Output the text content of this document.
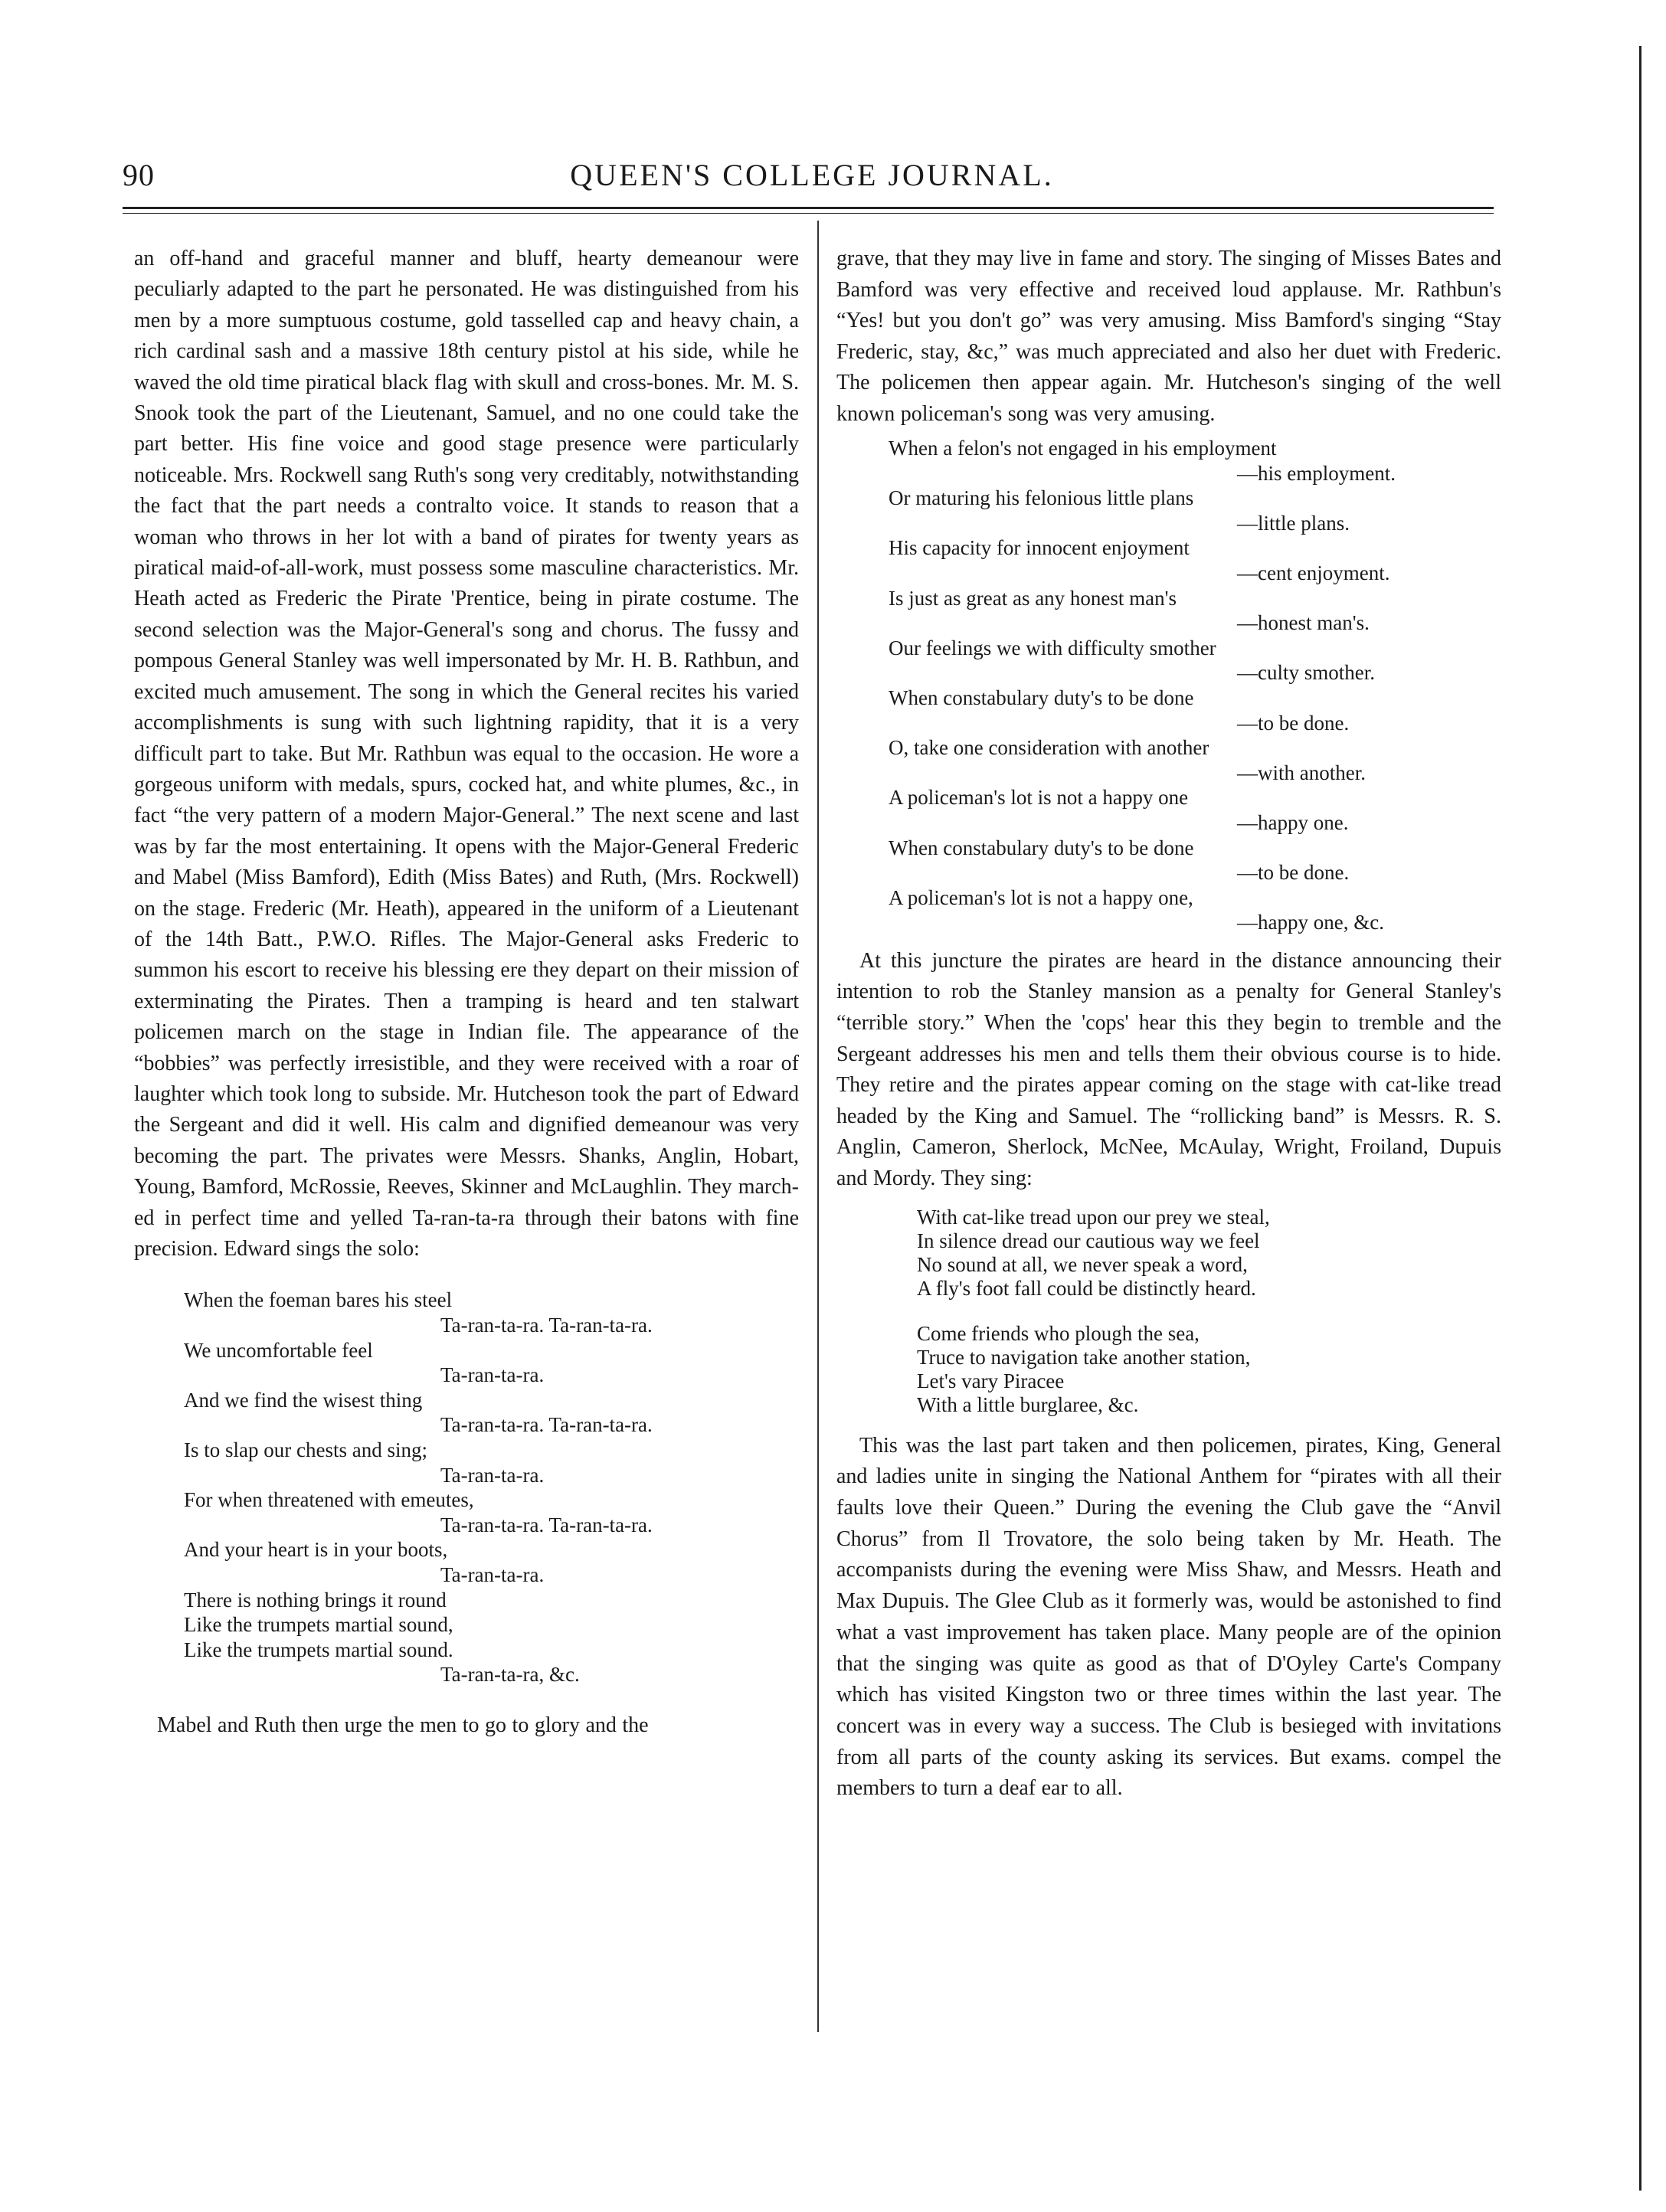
90	QUEEN'S COLLEGE JOURNAL.

an off-hand and graceful manner and bluff, hearty demeanour were peculiarly adapted to the part he personated. He was distinguished from his men by a more sumptuous costume, gold tasselled cap and heavy chain, a rich cardinal sash and a massive 18th century pistol at his side, while he waved the old time piratical black flag with skull and cross-bones. Mr. M. S. Snook took the part of the Lieutenant, Samuel, and no one could take the part better. His fine voice and good stage presence were particularly noticeable. Mrs. Rockwell sang Ruth's song very creditably, notwithstanding the fact that the part needs a contralto voice. It stands to reason that a woman who throws in her lot with a band of pirates for twenty years as piratical maid-of-all-work, must possess some masculine characteristics. Mr. Heath acted as Frederic the Pirate 'Prentice, being in pirate costume. The second selection was the Major-General's song and chorus. The fussy and pompous General Stanley was well impersonated by Mr. H. B. Rathbun, and excited much amusement. The song in which the General recites his varied accomplishments is sung with such lightning rapidity, that it is a very difficult part to take. But Mr. Rathbun was equal to the occasion. He wore a gorgeous uniform with medals, spurs, cocked hat, and white plumes, &c., in fact “the very pattern of a modern Major-General.” The next scene and last was by far the most entertaining. It opens with the Major-General Frederic and Mabel (Miss Bamford), Edith (Miss Bates) and Ruth, (Mrs. Rockwell) on the stage. Frederic (Mr. Heath), appeared in the uniform of a Lieutenant of the 14th Batt., P.W.O. Rifles. The Major-General asks Frederic to summon his escort to receive his blessing ere they depart on their mission of exterminating the Pirates. Then a tramping is heard and ten stalwart policemen march on the stage in Indian file. The appearance of the “bobbies” was perfectly irresistible, and they were received with a roar of laughter which took long to subside. Mr. Hutcheson took the part of Edward the Sergeant and did it well. His calm and dignified demeanour was very becoming the part. The privates were Messrs. Shanks, Anglin, Hobart, Young, Bamford, McRossie, Reeves, Skinner and McLaughlin. They marched in perfect time and yelled Ta-ran-ta-ra through their batons with fine precision. Edward sings the solo:

When the foeman bares his steel
Ta-ran-ta-ra. Ta-ran-ta-ra.
We uncomfortable feel
Ta-ran-ta-ra.
And we find the wisest thing
Ta-ran-ta-ra. Ta-ran-ta-ra.
Is to slap our chests and sing;
Ta-ran-ta-ra.
For when threatened with emeutes,
Ta-ran-ta-ra. Ta-ran-ta-ra.
And your heart is in your boots,
Ta-ran-ta-ra.
There is nothing brings it round
Like the trumpets martial sound,
Like the trumpets martial sound.
Ta-ran-ta-ra, &c.

Mabel and Ruth then urge the men to go to glory and the

grave, that they may live in fame and story. The singing of Misses Bates and Bamford was very effective and received loud applause. Mr. Rathbun's “Yes! but you don't go” was very amusing. Miss Bamford's singing “Stay Frederic, stay, &c,” was much appreciated and also her duet with Frederic. The policemen then appear again. Mr. Hutcheson's singing of the well known policeman's song was very amusing.

When a felon's not engaged in his employment
—his employment.
Or maturing his felonious little plans
—little plans.
His capacity for innocent enjoyment
—cent enjoyment.
Is just as great as any honest man's
—honest man's.
Our feelings we with difficulty smother
—culty smother.
When constabulary duty's to be done
—to be done.
O, take one consideration with another
—with another.
A policeman's lot is not a happy one
—happy one.
When constabulary duty's to be done
—to be done.
A policeman's lot is not a happy one,
—happy one, &c.

At this juncture the pirates are heard in the distance announcing their intention to rob the Stanley mansion as a penalty for General Stanley's “terrible story.” When the 'cops' hear this they begin to tremble and the Sergeant addresses his men and tells them their obvious course is to hide. They retire and the pirates appear coming on the stage with cat-like tread headed by the King and Samuel. The “rollicking band” is Messrs. R. S. Anglin, Cameron, Sherlock, McNee, McAulay, Wright, Froiland, Dupuis and Mordy. They sing:

With cat-like tread upon our prey we steal,
In silence dread our cautious way we feel
No sound at all, we never speak a word,
A fly's foot fall could be distinctly heard.
Come friends who plough the sea,
Truce to navigation take another station,
Let's vary Piracee
With a little burglaree, &c.

This was the last part taken and then policemen, pirates, King, General and ladies unite in singing the National Anthem for “pirates with all their faults love their Queen.” During the evening the Club gave the “Anvil Chorus” from Il Trovatore, the solo being taken by Mr. Heath. The accompanists during the evening were Miss Shaw, and Messrs. Heath and Max Dupuis. The Glee Club as it formerly was, would be astonished to find what a vast improvement has taken place. Many people are of the opinion that the singing was quite as good as that of D'Oyley Carte's Company which has visited Kingston two or three times within the last year. The concert was in every way a success. The Club is besieged with invitations from all parts of the county asking its services. But exams. compel the members to turn a deaf ear to all.
